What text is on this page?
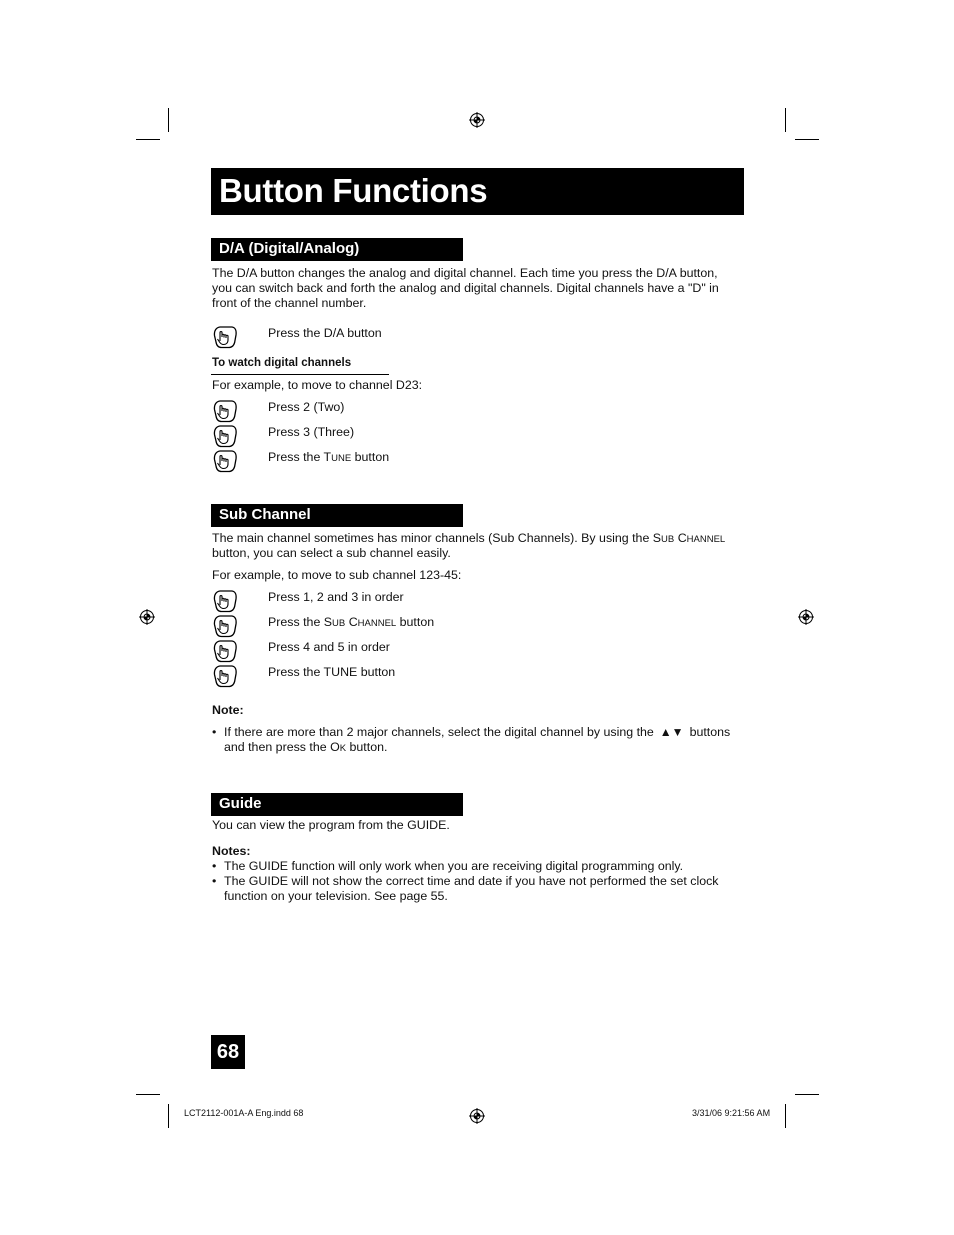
Button Functions
D/A (Digital/Analog)
The D/A button changes the analog and digital channel. Each time you press the D/A button,
you can switch back and forth the analog and digital channels. Digital channels have a "D" in
front of the channel number.
Press the D/A button
To watch digital channels
For example, to move to channel D23:
Press 2 (Two)
Press 3 (Three)
Press the TUNE button
Sub Channel
The main channel sometimes has minor channels (Sub Channels). By using the SUB CHANNEL
button, you can select a sub channel easily.
For example, to move to sub channel 123-45:
Press 1, 2 and 3 in order
Press the SUB CHANNEL button
Press 4 and 5 in order
Press the TUNE button
Note:
• If there are more than 2 major channels, select the digital channel by using the ▲▼ buttons
and then press the OK button.
Guide
You can view the program from the GUIDE.
Notes:
• The GUIDE function will only work when you are receiving digital programming only.
• The GUIDE will not show the correct time and date if you have not performed the set clock
function on your television. See page 55.
68
LCT2112-001A-A Eng.indd 68	3/31/06 9:21:56 AM
